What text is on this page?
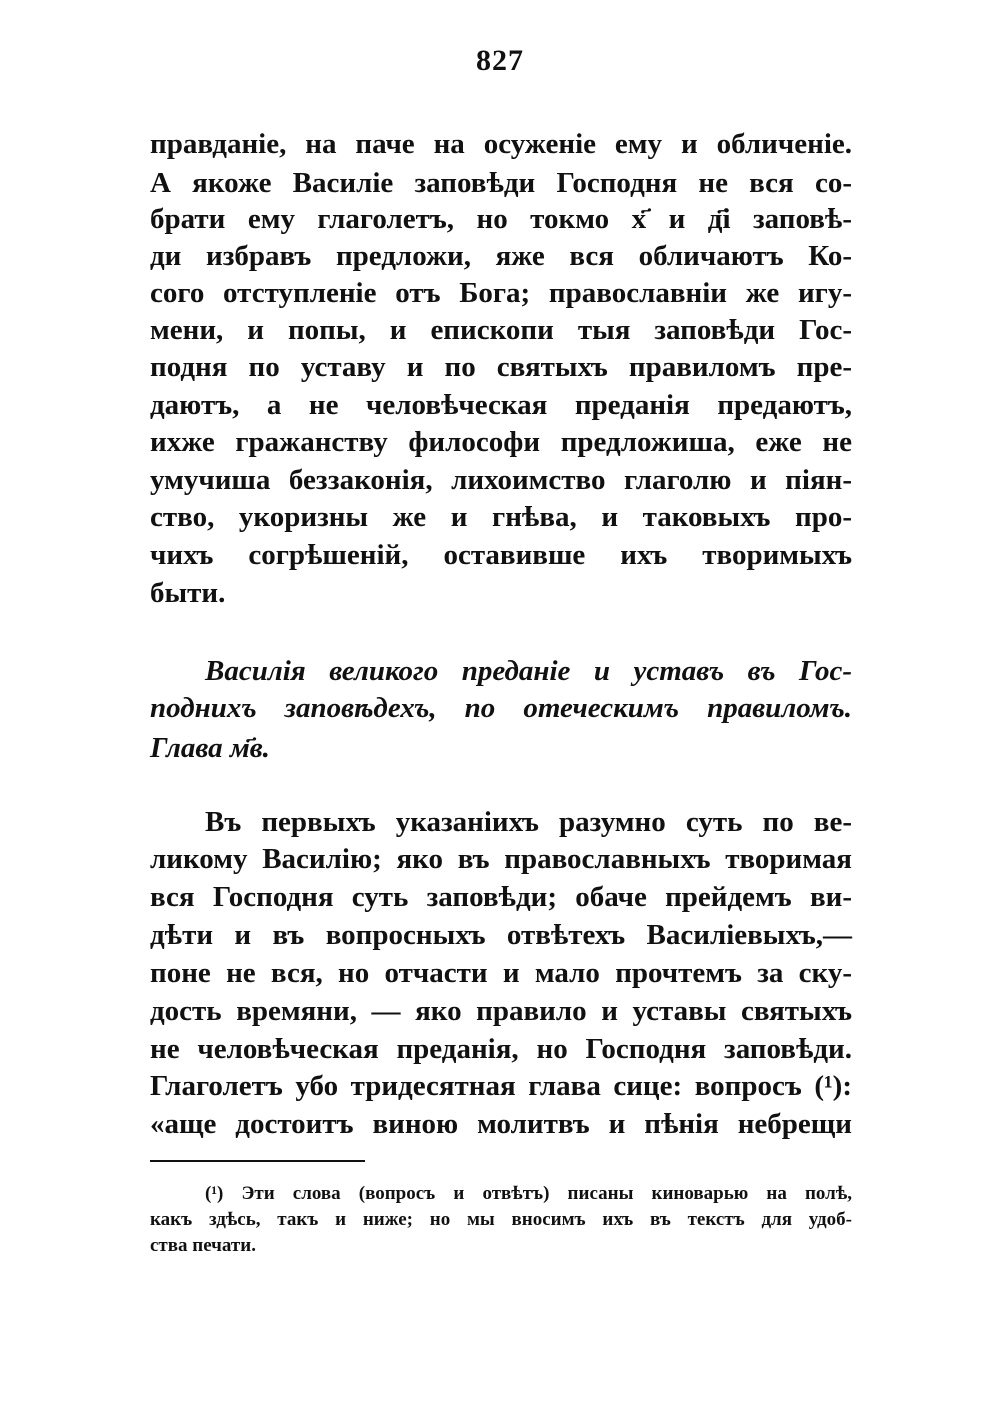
827
правданіе, на паче на осуженіе ему и обличеніе.
А якоже Василіе заповѣди Господня не вся со-
брати ему глаголетъ, но токмо х҃ и д҃і заповѣ-
ди избравъ предложи, яже вся обличаютъ Ко-
сого отступленіе отъ Бога; православніи же игу-
мени, и попы, и епископи тыя заповѣди Гос-
подня по уставу и по святыхъ правиломъ пре-
даютъ, а не человѣческая преданія предаютъ,
ихже гражанству философи предложиша, еже не
умучиша беззаконія, лихоимство глаголю и піян-
ство, укоризны же и гнѣва, и таковыхъ про-
чихъ согрѣшеній, оставивше ихъ творимыхъ
быти.
Василія великого преданіе и уставъ въ Гос-
подниxъ заповѣдехъ, по отеческимъ правиломъ.
Глава м҃в.
Въ первыхъ указаніихъ разумно суть по ве-
ликому Василію; яко въ православныхъ творимая
вся Господня суть заповѣди; обаче прейдемъ ви-
дѣти и въ вопросныхъ отвѣтехъ Василіевыхъ,—
поне не вся, но отчасти и мало прочтемъ за ску-
дость времяни, — яко правило и уставы святыхъ
не человѣческая преданія, но Господня заповѣди.
Глаголетъ убо тридесятная глава сице: вопросъ (¹):
«аще достоитъ виною молитвъ и пѣнія небрещи
(¹) Эти слова (вопросъ и отвѣтъ) писаны киноварью на полѣ,
какъ здѣсь, такъ и ниже; но мы вносимъ ихъ въ текстъ для удоб-
ства печати.
